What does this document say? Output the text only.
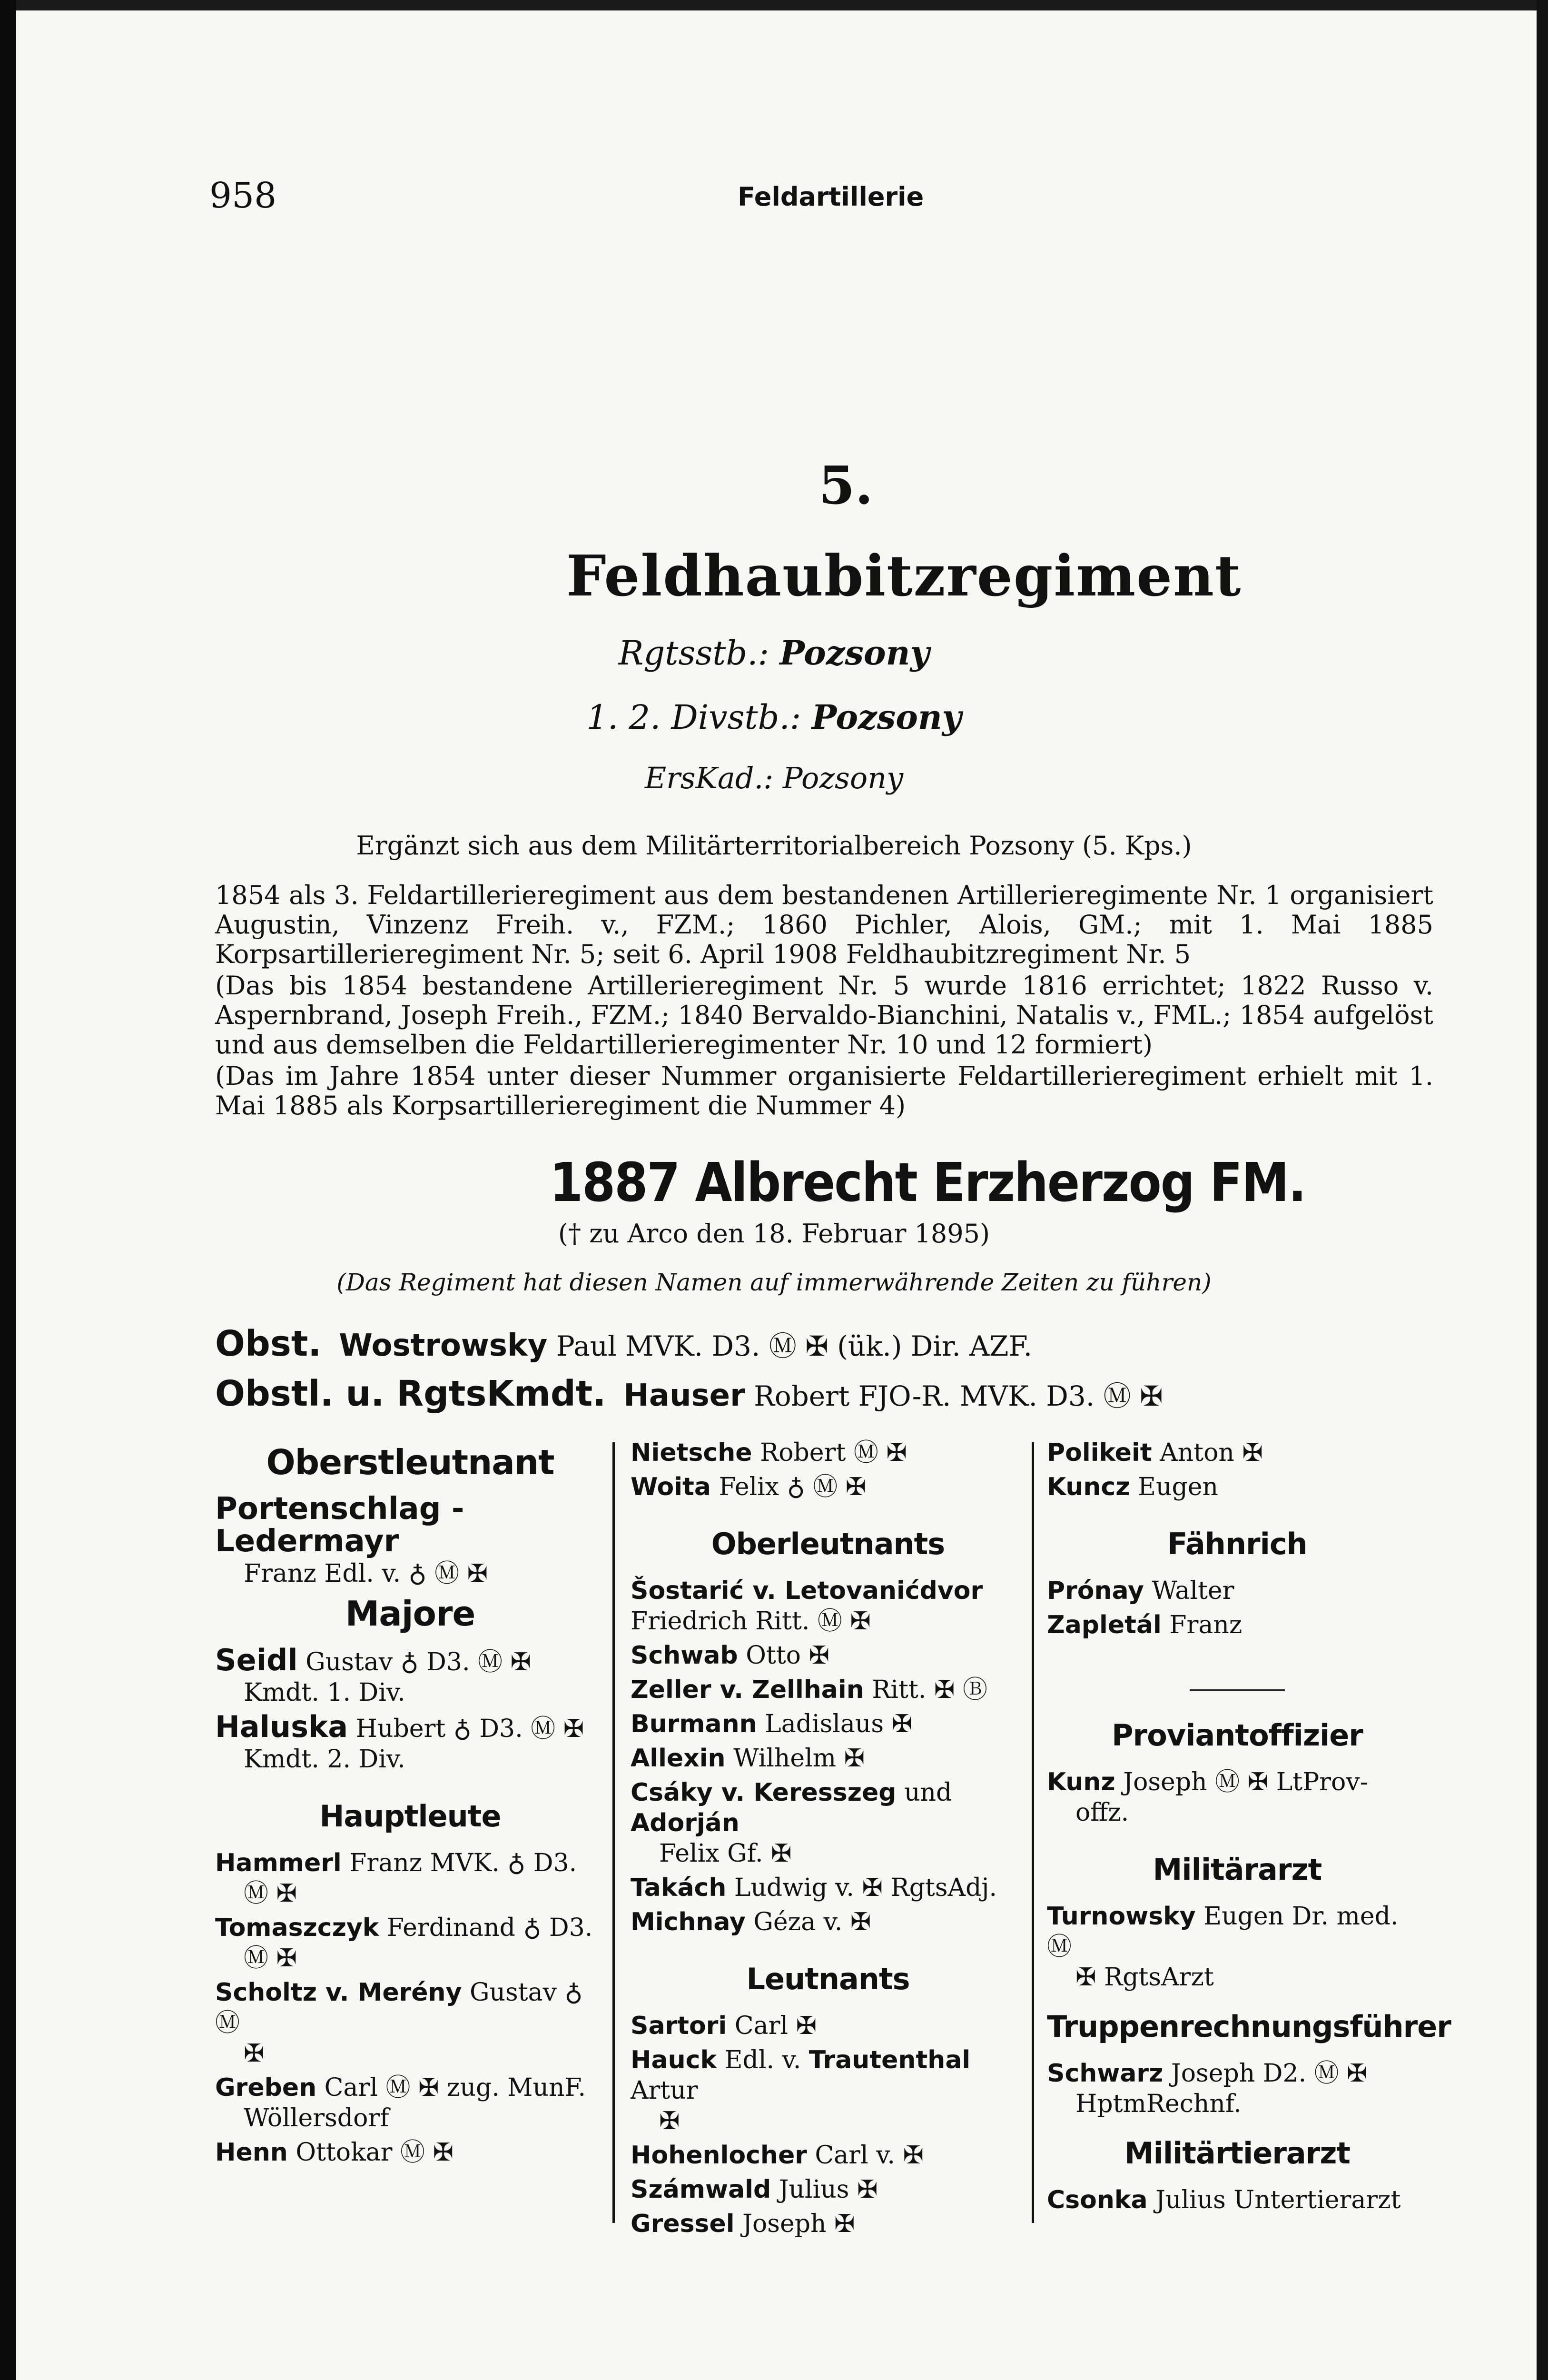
958	Feldartillerie
5.
Feldhaubitzregiment
Rgtsstb.: Pozsony
1. 2. Divstb.: Pozsony
ErsKad.: Pozsony
Ergänzt sich aus dem Militärterritorialbereich Pozsony (5. Kps.)
1854 als 3. Feldartillerieregiment aus dem bestandenen Artillerieregimente Nr. 1 organisiert Augustin, Vinzenz Freih. v., FZM.; 1860 Pichler, Alois, GM.; mit 1. Mai 1885 Korpsartillerieregiment Nr. 5; seit 6. April 1908 Feldhaubitzregiment Nr. 5
(Das bis 1854 bestandene Artillerieregiment Nr. 5 wurde 1816 errichtet; 1822 Russo v. Aspernbrand, Joseph Freih., FZM.; 1840 Bervaldo-Bianchini, Natalis v., FML.; 1854 aufgelöst und aus demselben die Feldartillerieregimenter Nr. 10 und 12 formiert)
(Das im Jahre 1854 unter dieser Nummer organisierte Feldartillerieregiment erhielt mit 1. Mai 1885 als Korpsartillerieregiment die Nummer 4)
1887 Albrecht Erzherzog FM.
(† zu Arco den 18. Februar 1895)
(Das Regiment hat diesen Namen auf immerwährende Zeiten zu führen)
Obst. Wostrowsky Paul MVK. D3. Ⓜ ✠ (ük.) Dir. AZF.
Obstl. u. RgtsKmdt. Hauser Robert FJO-R. MVK. D3. Ⓜ ✠
Oberstleutnant

Portenschlag - Ledermayr

Franz Edl. v. ♁ Ⓜ ✠

Majore

Seidl Gustav ♁ D3. Ⓜ ✠
Kmdt. 1. Div.

Haluska Hubert ♁ D3. Ⓜ ✠
Kmdt. 2. Div.

Hauptleute

Hammerl Franz MVK. ♁ D3.
Ⓜ ✠

Tomaszczyk Ferdinand ♁ D3.
Ⓜ ✠

Scholtz v. Merény Gustav ♁ Ⓜ
✠

Greben Carl Ⓜ ✠ zug. MunF.
Wöllersdorf

Henn Ottokar Ⓜ ✠

Nietsche Robert Ⓜ ✠

Woita Felix ♁ Ⓜ ✠

Oberleutnants

Šostarić v. Letovanićdvor Friedrich Ritt. Ⓜ ✠

Schwab Otto ✠

Zeller v. Zellhain Ritt. ✠ Ⓑ

Burmann Ladislaus ✠

Allexin Wilhelm ✠

Csáky v. Keresszeg und Adorján
Felix Gf. ✠

Takách Ludwig v. ✠ RgtsAdj.

Michnay Géza v. ✠

Leutnants

Sartori Carl ✠

Hauck Edl. v. Trautenthal Artur
✠

Hohenlocher Carl v. ✠

Számwald Julius ✠

Gressel Joseph ✠

Polikeit Anton ✠

Kuncz Eugen

Fähnrich

Prónay Walter

Zapletál Franz

Proviantoffizier

Kunz Joseph Ⓜ ✠ LtProv-
offz.

Militärarzt

Turnowsky Eugen Dr. med. Ⓜ
✠ RgtsArzt

Truppenrechnungsführer

Schwarz Joseph D2. Ⓜ ✠
HptmRechnf.

Militärtierarzt

Csonka Julius Untertierarzt
